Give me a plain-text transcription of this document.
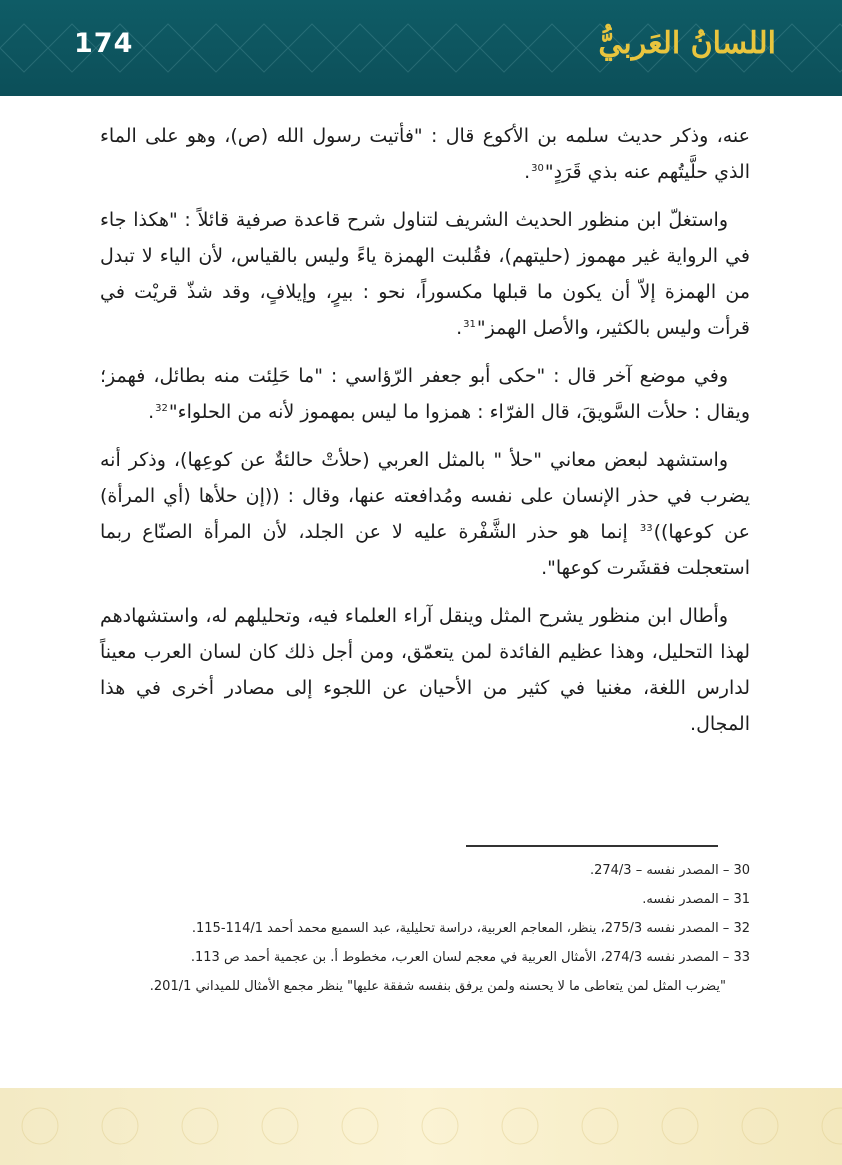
174	اللسانُ العَربيُّ

عنه، وذكر حديث سلمه بن الأكوع قال : "فأتيت رسول الله (ص)، وهو على الماء الذي حلَّيتُهم عنه بذي قَرَدٍ"$^{30}$.

واستغلّ ابن منظور الحديث الشريف لتناول شرح قاعدة صرفية قائلاً : "هكذا جاء في الرواية غير مهموز (حليتهم)، فقُلبت الهمزة ياءً وليس بالقياس، لأن الياء لا تبدل من الهمزة إلاّ أن يكون ما قبلها مكسوراً، نحو : بيرٍ، وإيلافٍ، وقد شذّ قريْت في قرأت وليس بالكثير، والأصل الهمز"$^{31}$.

وفي موضع آخر قال : "حكى أبو جعفر الرّؤاسي : "ما حَلِئت منه بطائل، فهمز؛ ويقال : حلأت السَّويقَ، قال الفرّاء : همزوا ما ليس بمهموز لأنه من الحلواء"$^{32}$.

واستشهد لبعض معاني "حلأ " بالمثل العربي (حلأتْ حالئةٌ عن كوعِها)، وذكر أنه يضرب في حذر الإنسان على نفسه ومُدافعته عنها، وقال : ((إن حلأها (أي المرأة) عن كوعها))$^{33}$ إنما هو حذر الشَّفْرة عليه لا عن الجلد، لأن المرأة الصنّاع ربما استعجلت فقشَرت كوعها".

وأطال ابن منظور يشرح المثل وينقل آراء العلماء فيه، وتحليلهم له، واستشهادهم لهذا التحليل، وهذا عظيم الفائدة لمن يتعمّق، ومن أجل ذلك كان لسان العرب معيناً لدارس اللغة، مغنيا في كثير من الأحيان عن اللجوء إلى مصادر أخرى في هذا المجال.

30 – المصدر نفسه – 274/3.
31 – المصدر نفسه.
32 – المصدر نفسه 275/3، ينظر، المعاجم العربية، دراسة تحليلية، عبد السميع محمد أحمد 114/1-115.
33 – المصدر نفسه 274/3، الأمثال العربية في معجم لسان العرب، مخطوط أ. بن عجمية أحمد ص 113.
"يضرب المثل لمن يتعاطى ما لا يحسنه ولمن يرفق بنفسه شفقة عليها" ينظر مجمع الأمثال للميداني 201/1.
